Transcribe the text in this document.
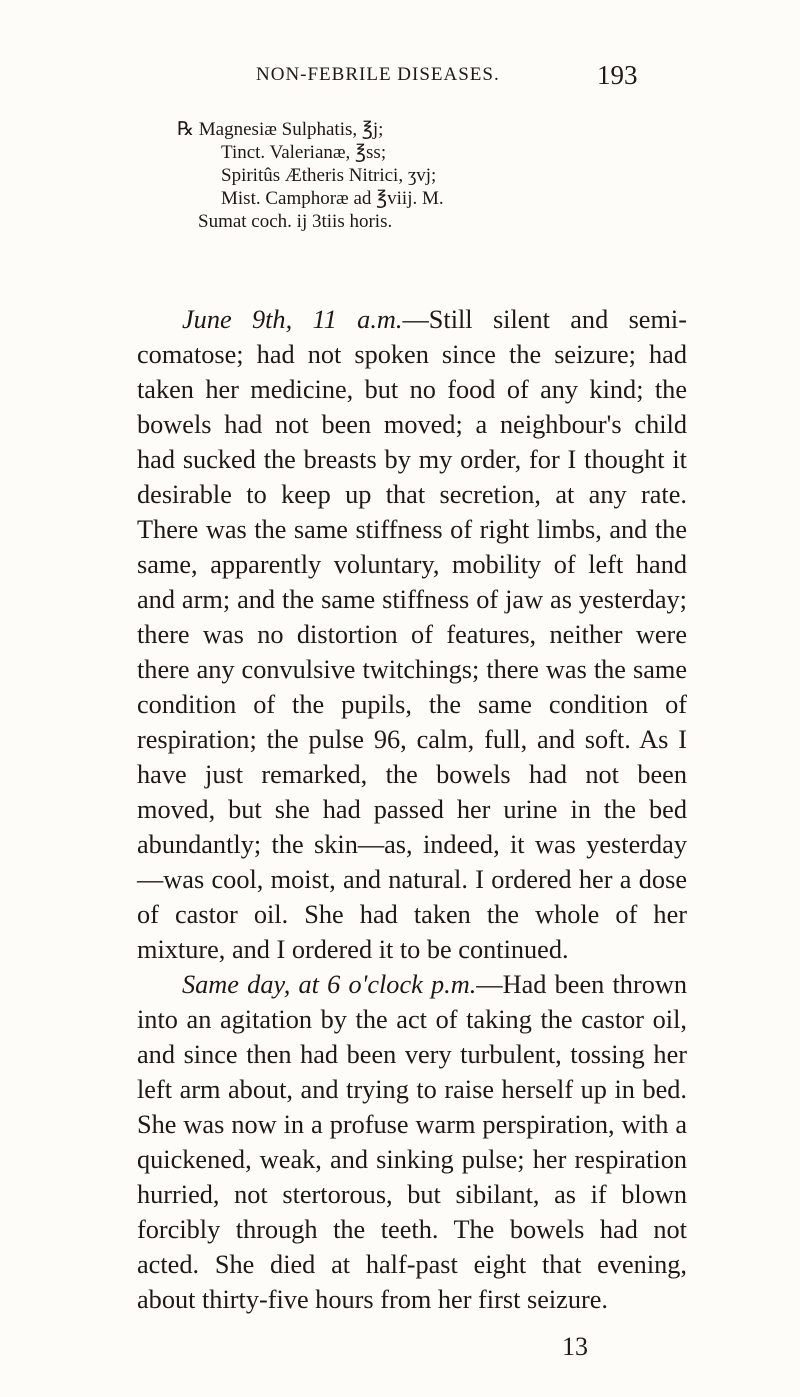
NON-FEBRILE DISEASES.	193
℞ Magnesiæ Sulphatis, ℥j;
Tinct. Valerianæ, ℥ss;
Spiritûs Ætheris Nitrici, ʒvj;
Mist. Camphoræ ad ℥viij. M.
Sumat coch. ij 3tiis horis.

June 9th, 11 a.m.—Still silent and semi-comatose; had not spoken since the seizure; had taken her medicine, but no food of any kind; the bowels had not been moved; a neighbour's child had sucked the breasts by my order, for I thought it desirable to keep up that secretion, at any rate. There was the same stiffness of right limbs, and the same, apparently voluntary, mobility of left hand and arm; and the same stiffness of jaw as yesterday; there was no distortion of features, neither were there any convulsive twitchings; there was the same condition of the pupils, the same condition of respiration; the pulse 96, calm, full, and soft. As I have just remarked, the bowels had not been moved, but she had passed her urine in the bed abundantly; the skin—as, indeed, it was yesterday—was cool, moist, and natural. I ordered her a dose of castor oil. She had taken the whole of her mixture, and I ordered it to be continued.

Same day, at 6 o'clock p.m.—Had been thrown into an agitation by the act of taking the castor oil, and since then had been very turbulent, tossing her left arm about, and trying to raise herself up in bed. She was now in a profuse warm perspiration, with a quickened, weak, and sinking pulse; her respiration hurried, not stertorous, but sibilant, as if blown forcibly through the teeth. The bowels had not acted. She died at half-past eight that evening, about thirty-five hours from her first seizure.

13
